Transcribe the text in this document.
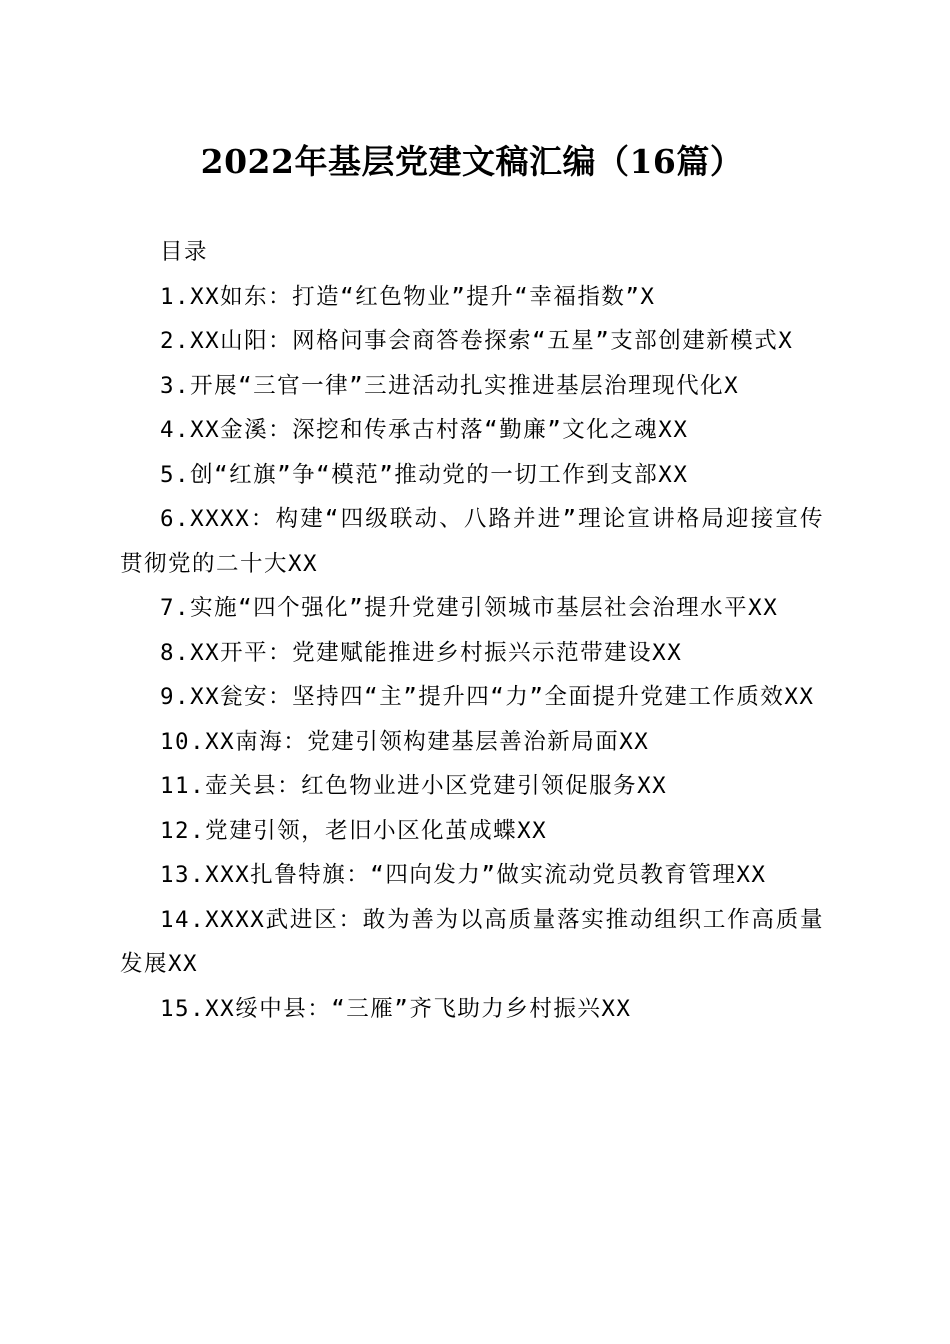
2022年基层党建文稿汇编（16篇）
目录
1.XX如东：打造“红色物业”提升“幸福指数”X
2.XX山阳：网格问事会商答卷探索“五星”支部创建新模式X
3.开展“三官一律”三进活动扎实推进基层治理现代化X
4.XX金溪：深挖和传承古村落“勤廉”文化之魂XX
5.创“红旗”争“模范”推动党的一切工作到支部XX
6.XXXX：构建“四级联动、八路并进”理论宣讲格局迎接宣传贯彻党的二十大XX
7.实施“四个强化”提升党建引领城市基层社会治理水平XX
8.XX开平：党建赋能推进乡村振兴示范带建设XX
9.XX瓮安：坚持四“主”提升四“力”全面提升党建工作质效XX
10.XX南海：党建引领构建基层善治新局面XX
11.壶关县：红色物业进小区党建引领促服务XX
12.党建引领，老旧小区化茧成蝶XX
13.XXX扎鲁特旗：“四向发力”做实流动党员教育管理XX
14.XXXX武进区：敢为善为以高质量落实推动组织工作高质量发展XX
15.XX绥中县：“三雁”齐飞助力乡村振兴XX
